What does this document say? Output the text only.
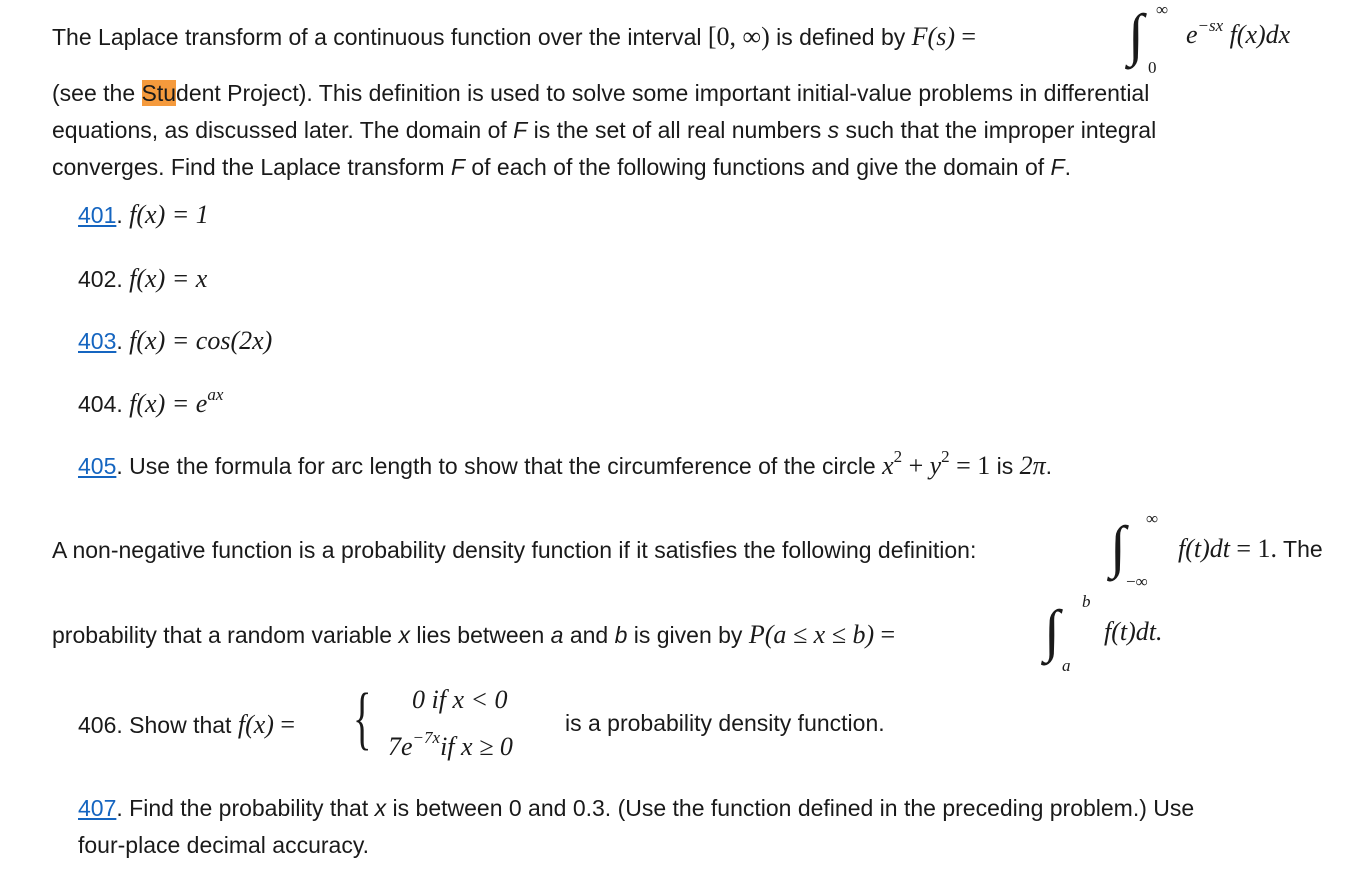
The Laplace transform of a continuous function over the interval [0, ∞) is defined by F(s) =	∫ ∞
0
$e^{-sx}$ f(x)dx
(see the Student Project). This definition is used to solve some important initial-value problems in differential
equations, as discussed later. The domain of F is the set of all real numbers s such that the improper integral
converges. Find the Laplace transform F of each of the following functions and give the domain of F.
401. f(x) = 1
402. f(x) = x
403. f(x) = cos(2x)
404. $f(x) = e^{ax}$
405. Use the formula for arc length to show that the circumference of the circle $x^2 + y^2 = 1$ is 2π.
A non-negative function is a probability density function if it satisfies the following definition: ∫ ∞
−∞
f(t)dt = 1. The
probability that a random variable x lies between a and b is given by P(a ≤ x ≤ b) =	∫ b
a
f(t)dt.
406. Show that f(x) = { 0 if x < 0
$7e^{-7x}if$ x ≥ 0
is a probability density function.
407. Find the probability that x is between 0 and 0.3. (Use the function defined in the preceding problem.) Use
four-place decimal accuracy.
